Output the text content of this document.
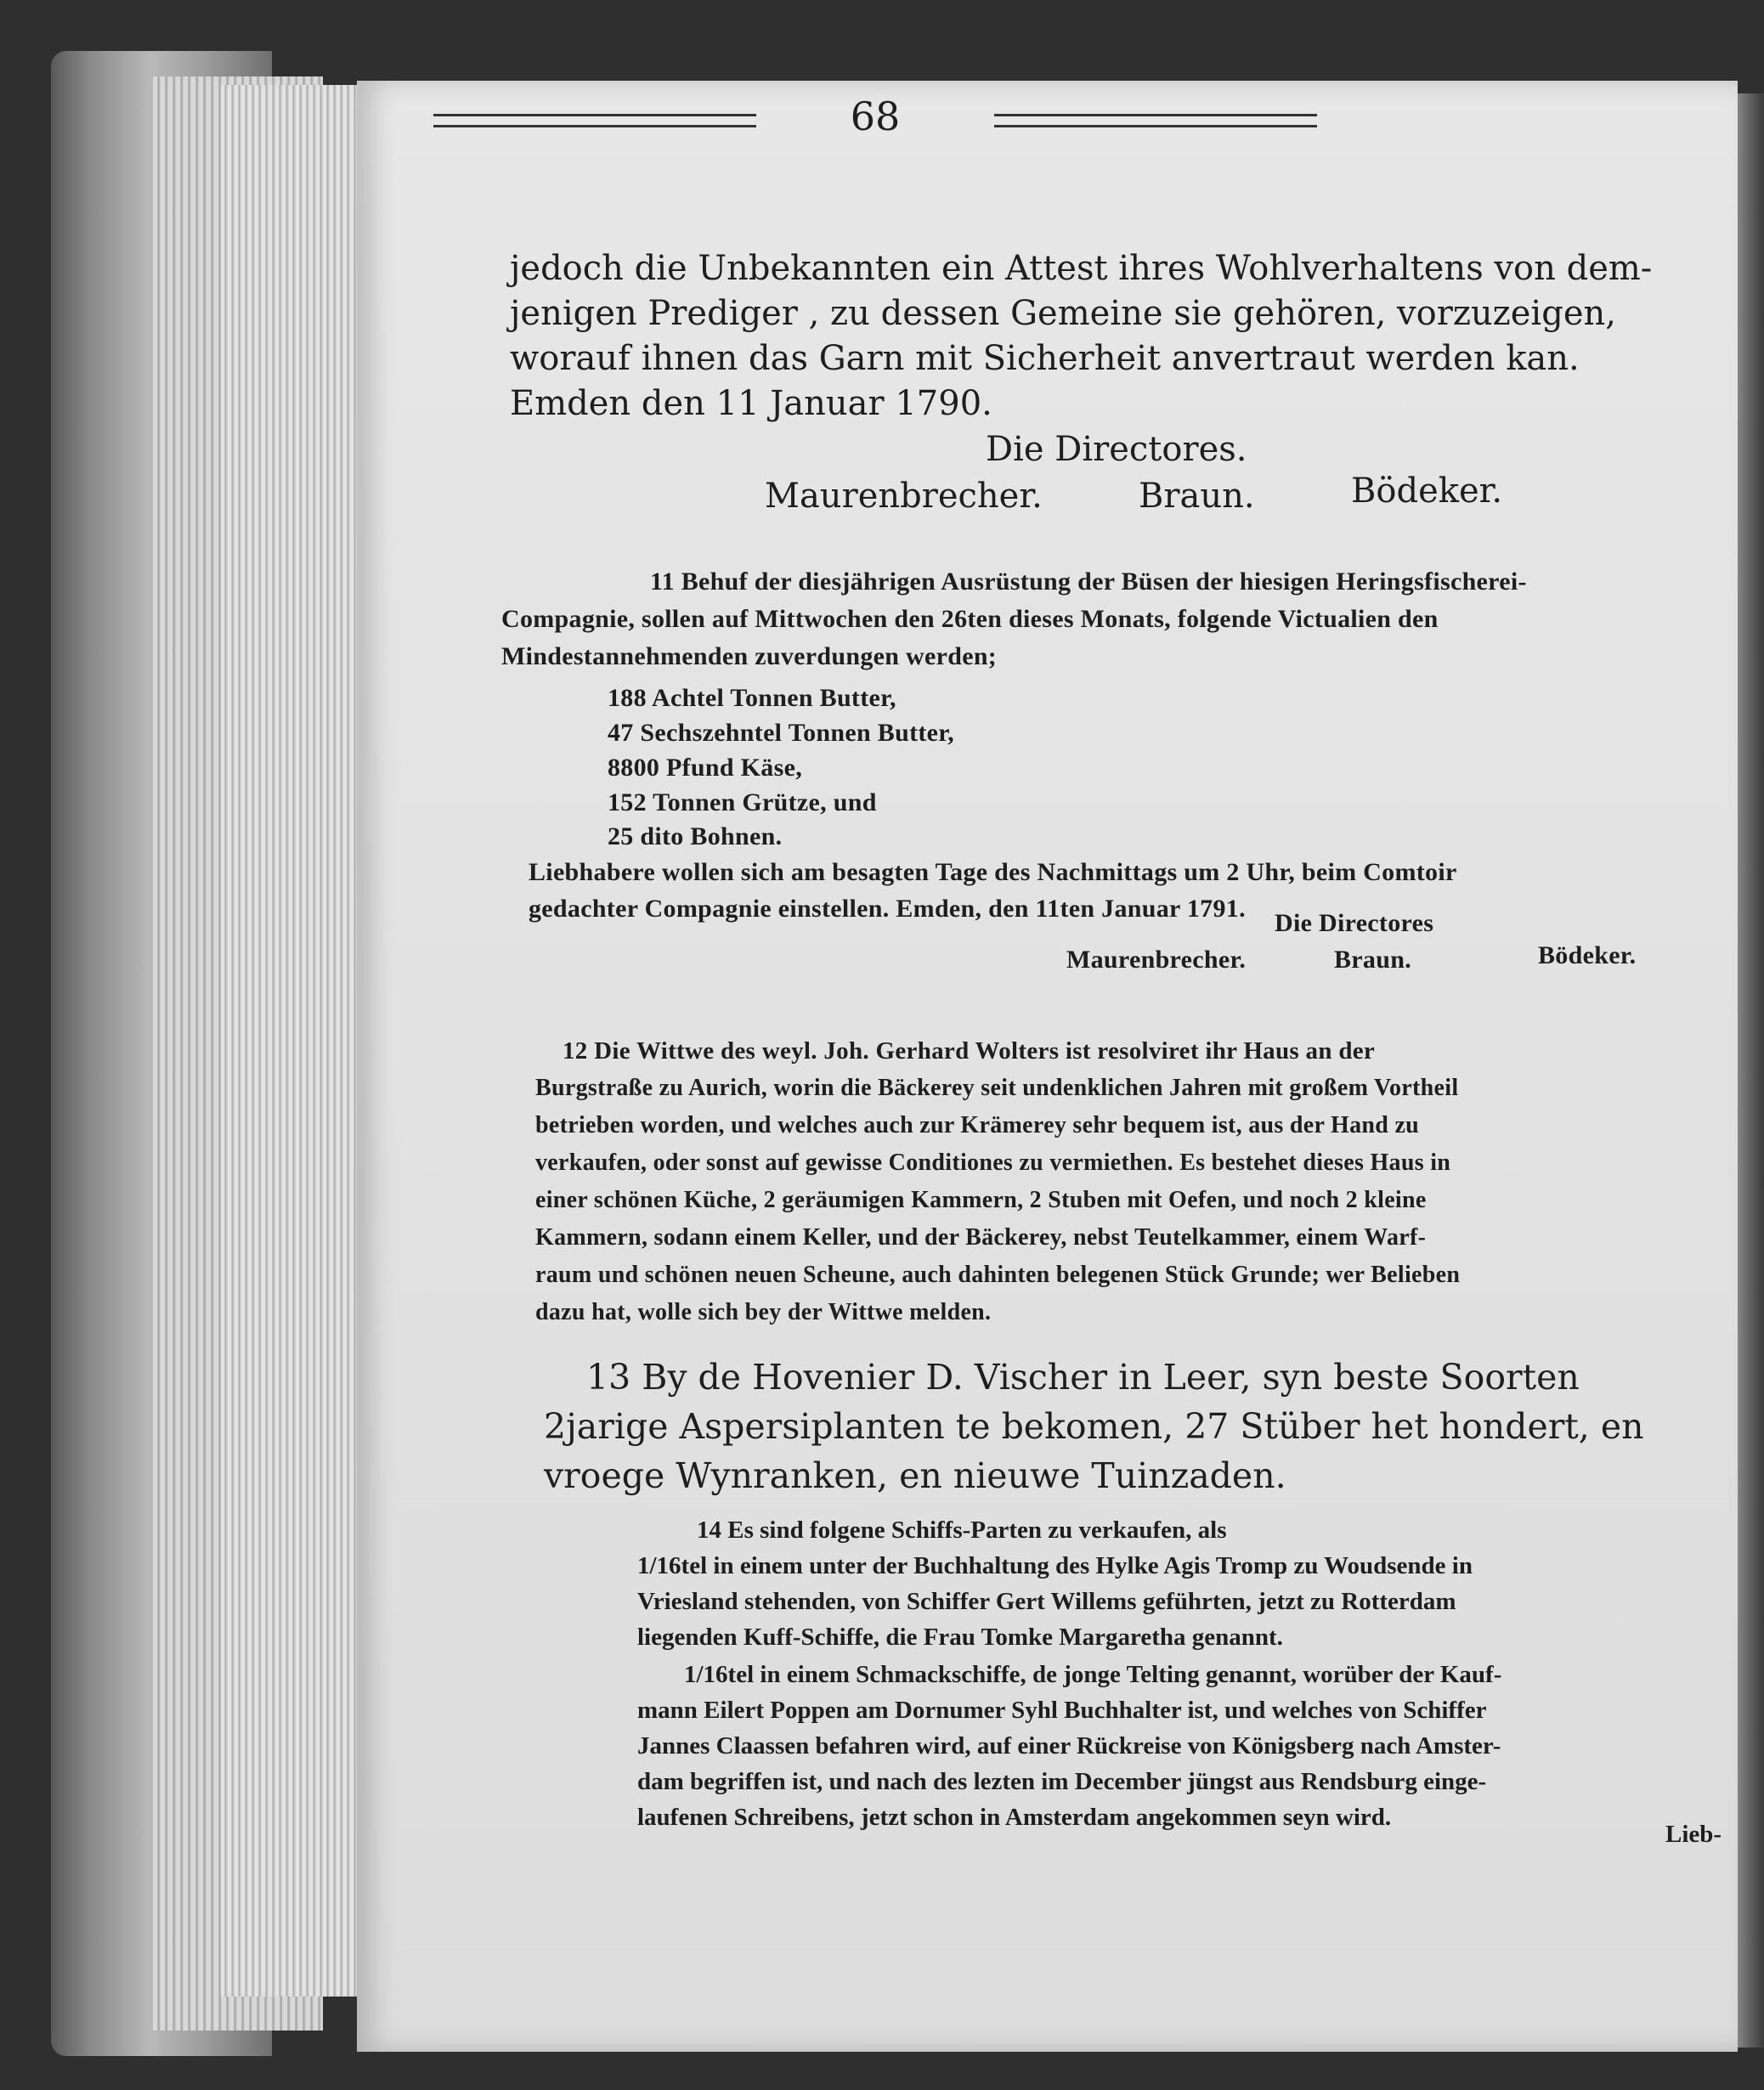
68
jedoch die Unbekannten ein Attest ihres Wohlverhaltens von dem-
jenigen Prediger , zu dessen Gemeine sie gehören, vorzuzeigen,
worauf ihnen das Garn mit Sicherheit anvertraut werden kan.
Emden den 11 Januar 1790.
Die Directores.
Maurenbrecher.	Braun.	Bödeker.
11 Behuf der diesjährigen Ausrüstung der Büsen der hiesigen Heringsfischerei-
Compagnie, sollen auf Mittwochen den 26ten dieses Monats, folgende Victualien den
Mindestannehmenden zuverdungen werden;
188 Achtel Tonnen Butter,
47 Sechszehntel Tonnen Butter,
8800 Pfund Käse,
152 Tonnen Grütze, und
25 dito Bohnen.
Liebhabere wollen sich am besagten Tage des Nachmittags um 2 Uhr, beim Comtoir
gedachter Compagnie einstellen. Emden, den 11ten Januar 1791.
Die Directores
Maurenbrecher.	Braun.	Bödeker.
12 Die Wittwe des weyl. Joh. Gerhard Wolters ist resolviret ihr Haus an der
Burgstraße zu Aurich, worin die Bäckerey seit undenklichen Jahren mit großem Vortheil
betrieben worden, und welches auch zur Krämerey sehr bequem ist, aus der Hand zu
verkaufen, oder sonst auf gewisse Conditiones zu vermiethen. Es bestehet dieses Haus in
einer schönen Küche, 2 geräumigen Kammern, 2 Stuben mit Oefen, und noch 2 kleine
Kammern, sodann einem Keller, und der Bäckerey, nebst Teutelkammer, einem Warf-
raum und schönen neuen Scheune, auch dahinten belegenen Stück Grunde; wer Belieben
dazu hat, wolle sich bey der Wittwe melden.
13 By de Hovenier D. Vischer in Leer, syn beste Soorten
2jarige Aspersiplanten te bekomen, 27 Stüber het hondert, en
vroege Wynranken, en nieuwe Tuinzaden.
14 Es sind folgene Schiffs-Parten zu verkaufen, als
1/16tel in einem unter der Buchhaltung des Hylke Agis Tromp zu Woudsende in
Vriesland stehenden, von Schiffer Gert Willems geführten, jetzt zu Rotterdam
liegenden Kuff-Schiffe, die Frau Tomke Margaretha genannt.
1/16tel in einem Schmackschiffe, de jonge Telting genannt, worüber der Kauf-
mann Eilert Poppen am Dornumer Syhl Buchhalter ist, und welches von Schiffer
Jannes Claassen befahren wird, auf einer Rückreise von Königsberg nach Amster-
dam begriffen ist, und nach des lezten im December jüngst aus Rendsburg einge-
laufenen Schreibens, jetzt schon in Amsterdam angekommen seyn wird.
Lieb-
